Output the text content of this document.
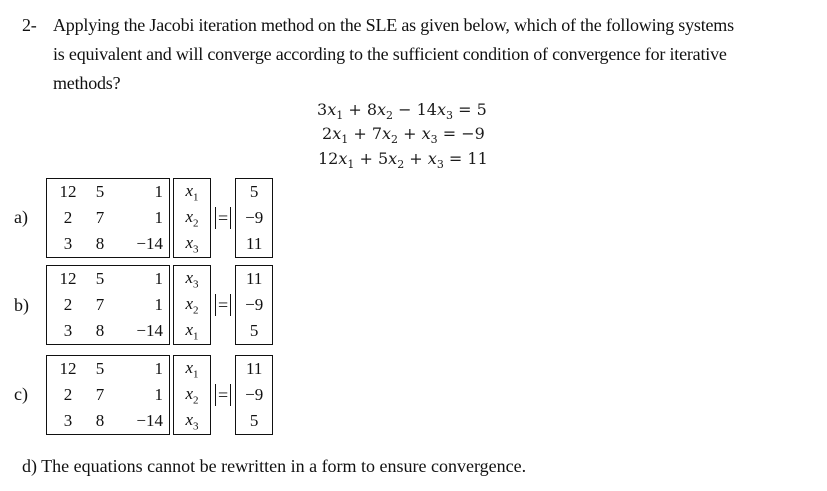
2- Applying the Jacobi iteration method on the SLE as given below, which of the following systems
is equivalent and will converge according to the sufficient condition of convergence for iterative
methods?
$3x_1 + 8x_2 - 14x_3 = 5$
$2x_1 + 7x_2 + x_3 = -9$
$12x_1 + 5x_2 + x_3 = 11$
a)
12	5	1
2	7	1
3	8	−14
$x_1$
$x_2$
$x_3$
=
5
−9
11
b)
12	5	1
2	7	1
3	8	−14
$x_3$
$x_2$
$x_1$
=
11
−9
5
c)
12	5	1
2	7	1
3	8	−14
$x_1$
$x_2$
$x_3$
=
11
−9
5
d) The equations cannot be rewritten in a form to ensure convergence.
